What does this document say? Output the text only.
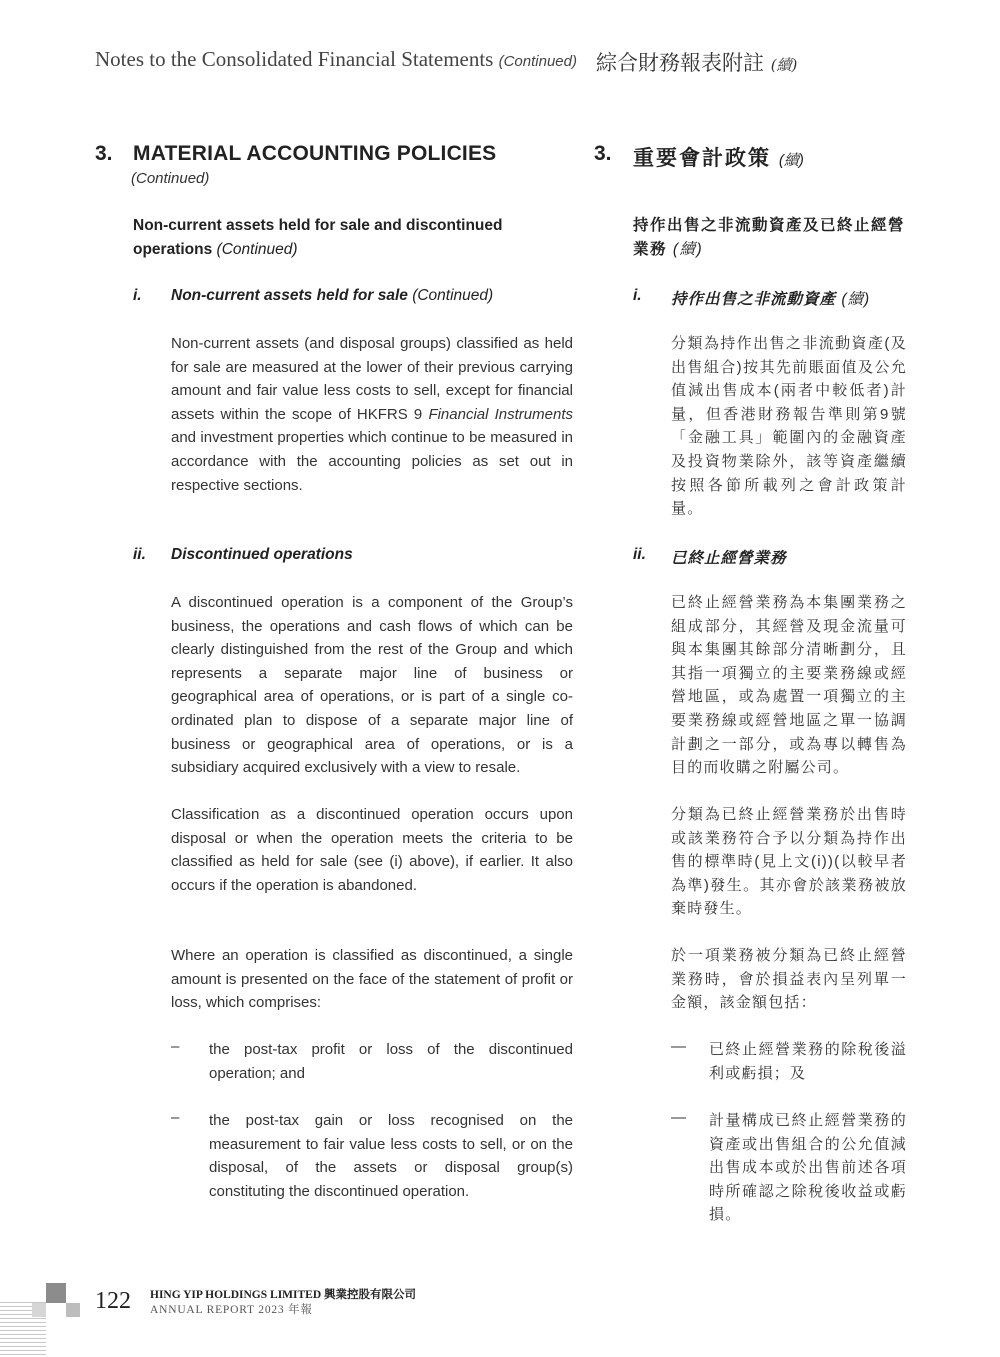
Notes to the Consolidated Financial Statements (Continued) 綜合財務報表附註 (續)
3. MATERIAL ACCOUNTING POLICIES
(Continued)
3. 重要會計政策 (續)
Non-current assets held for sale and discontinued operations (Continued)
持作出售之非流動資產及已終止經營業務 (續)
i. Non-current assets held for sale (Continued)	i. 持作出售之非流動資產 (續)
Non-current assets (and disposal groups) classified as held for sale are measured at the lower of their previous carrying amount and fair value less costs to sell, except for financial assets within the scope of HKFRS 9 Financial Instruments and investment properties which continue to be measured in accordance with the accounting policies as set out in respective sections.
分類為持作出售之非流動資產(及出售組合)按其先前賬面值及公允值減出售成本(兩者中較低者)計量，但香港財務報告準則第9號「金融工具」範圍內的金融資產及投資物業除外，該等資產繼續按照各節所載列之會計政策計量。
ii. Discontinued operations	ii. 已終止經營業務
A discontinued operation is a component of the Group’s business, the operations and cash flows of which can be clearly distinguished from the rest of the Group and which represents a separate major line of business or geographical area of operations, or is part of a single co-ordinated plan to dispose of a separate major line of business or geographical area of operations, or is a subsidiary acquired exclusively with a view to resale.
已終止經營業務為本集團業務之組成部分，其經營及現金流量可與本集團其餘部分清晰劃分，且其指一項獨立的主要業務線或經營地區，或為處置一項獨立的主要業務線或經營地區之單一協調計劃之一部分，或為專以轉售為目的而收購之附屬公司。
Classification as a discontinued operation occurs upon disposal or when the operation meets the criteria to be classified as held for sale (see (i) above), if earlier. It also occurs if the operation is abandoned.
分類為已終止經營業務於出售時或該業務符合予以分類為持作出售的標準時(見上文(i))(以較早者為準)發生。其亦會於該業務被放棄時發生。
Where an operation is classified as discontinued, a single amount is presented on the face of the statement of profit or loss, which comprises:
於一項業務被分類為已終止經營業務時，會於損益表內呈列單一金額，該金額包括：
– the post-tax profit or loss of the discontinued operation; and
— 已終止經營業務的除稅後溢利或虧損；及
– the post-tax gain or loss recognised on the measurement to fair value less costs to sell, or on the disposal, of the assets or disposal group(s) constituting the discontinued operation.
— 計量構成已終止經營業務的資產或出售組合的公允值減出售成本或於出售前述各項時所確認之除稅後收益或虧損。
122 HING YIP HOLDINGS LIMITED 興業控股有限公司
ANNUAL REPORT 2023 年報
